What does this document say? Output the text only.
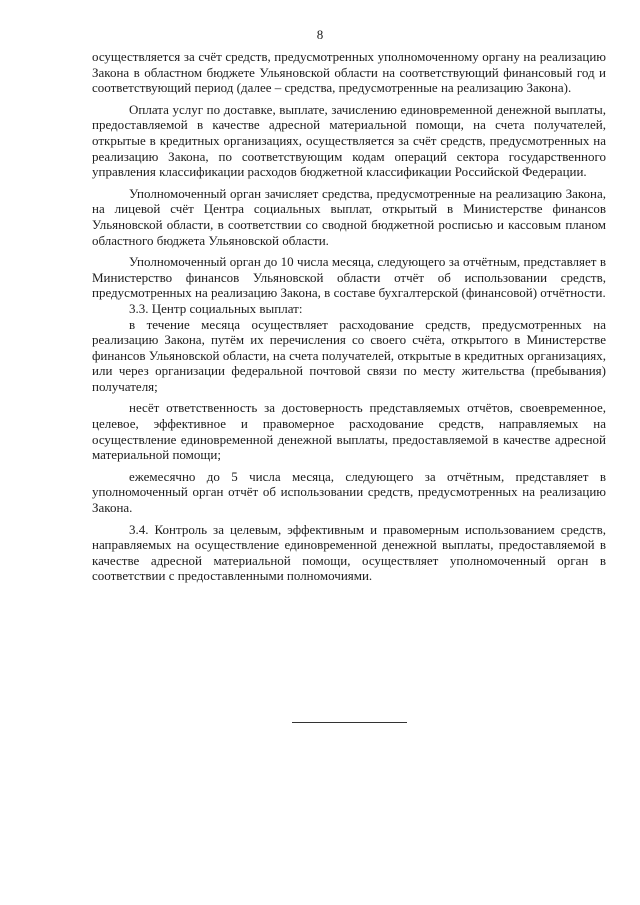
8

осуществляется за счёт средств, предусмотренных уполномоченному органу на реализацию Закона в областном бюджете Ульяновской области на соответствующий финансовый год и соответствующий период (далее – средства, предусмотренные на реализацию Закона).

Оплата услуг по доставке, выплате, зачислению единовременной денежной выплаты, предоставляемой в качестве адресной материальной помощи, на счета получателей, открытые в кредитных организациях, осуществляется за счёт средств, предусмотренных на реализацию Закона, по соответствующим кодам операций сектора государственного управления классификации расходов бюджетной классификации Российской Федерации.

Уполномоченный орган зачисляет средства, предусмотренные на реализацию Закона, на лицевой счёт Центра социальных выплат, открытый в Министерстве финансов Ульяновской области, в соответствии со сводной бюджетной росписью и кассовым планом областного бюджета Ульяновской области.

Уполномоченный орган до 10 числа месяца, следующего за отчётным, представляет в Министерство финансов Ульяновской области отчёт об использовании средств, предусмотренных на реализацию Закона, в составе бухгалтерской (финансовой) отчётности.

3.3. Центр социальных выплат:

в течение месяца осуществляет расходование средств, предусмотренных на реализацию Закона, путём их перечисления со своего счёта, открытого в Министерстве финансов Ульяновской области, на счета получателей, открытые в кредитных организациях, или через организации федеральной почтовой связи по месту жительства (пребывания) получателя;

несёт ответственность за достоверность представляемых отчётов, своевременное, целевое, эффективное и правомерное расходование средств, направляемых на осуществление единовременной денежной выплаты, предоставляемой в качестве адресной материальной помощи;

ежемесячно до 5 числа месяца, следующего за отчётным, представляет в уполномоченный орган отчёт об использовании средств, предусмотренных на реализацию Закона.

3.4. Контроль за целевым, эффективным и правомерным использованием средств, направляемых на осуществление единовременной денежной выплаты, предоставляемой в качестве адресной материальной помощи, осуществляет уполномоченный орган в соответствии с предоставленными полномочиями.
